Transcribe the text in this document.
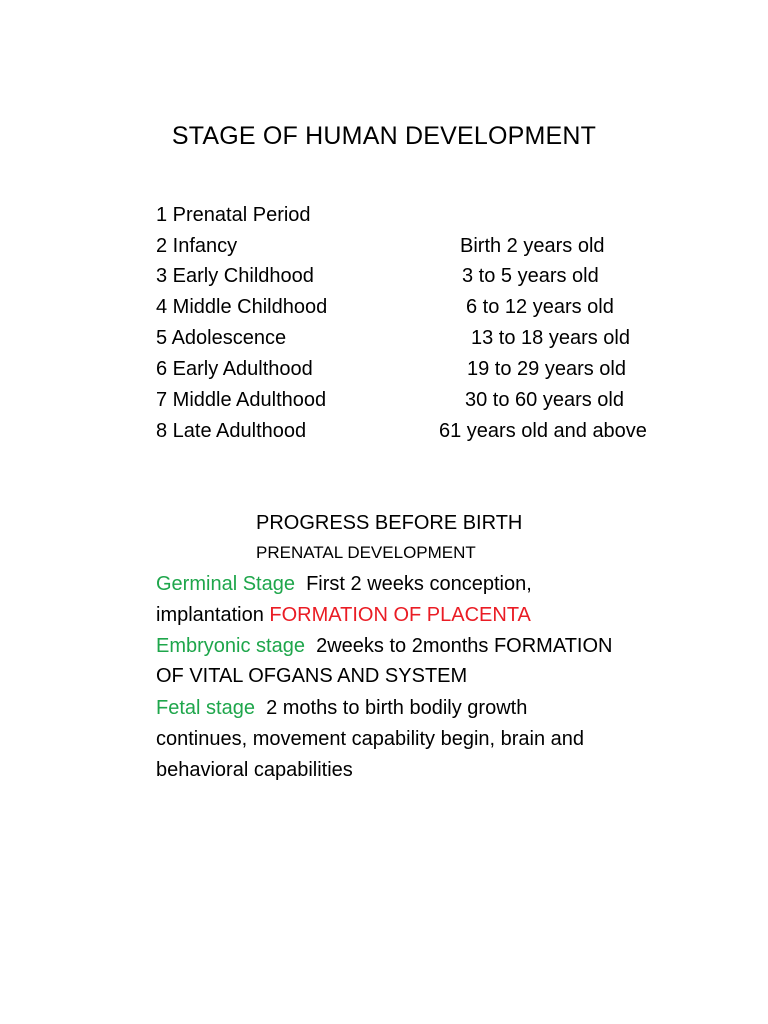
STAGE OF HUMAN DEVELOPMENT
1 Prenatal Period
2 Infancy	Birth 2 years old
3 Early Childhood	3 to 5 years old
4 Middle Childhood	6 to 12 years old
5 Adolescence	13 to 18 years old
6 Early Adulthood	19 to 29 years old
7 Middle Adulthood	30 to 60 years old
8 Late Adulthood	61 years old and above
PROGRESS BEFORE BIRTH
PRENATAL DEVELOPMENT
Germinal Stage First 2 weeks conception,
implantation FORMATION OF PLACENTA
Embryonic stage 2weeks to 2months FORMATION
OF VITAL OFGANS AND SYSTEM
Fetal stage 2 moths to birth bodily growth
continues, movement capability begin, brain and
behavioral capabilities
